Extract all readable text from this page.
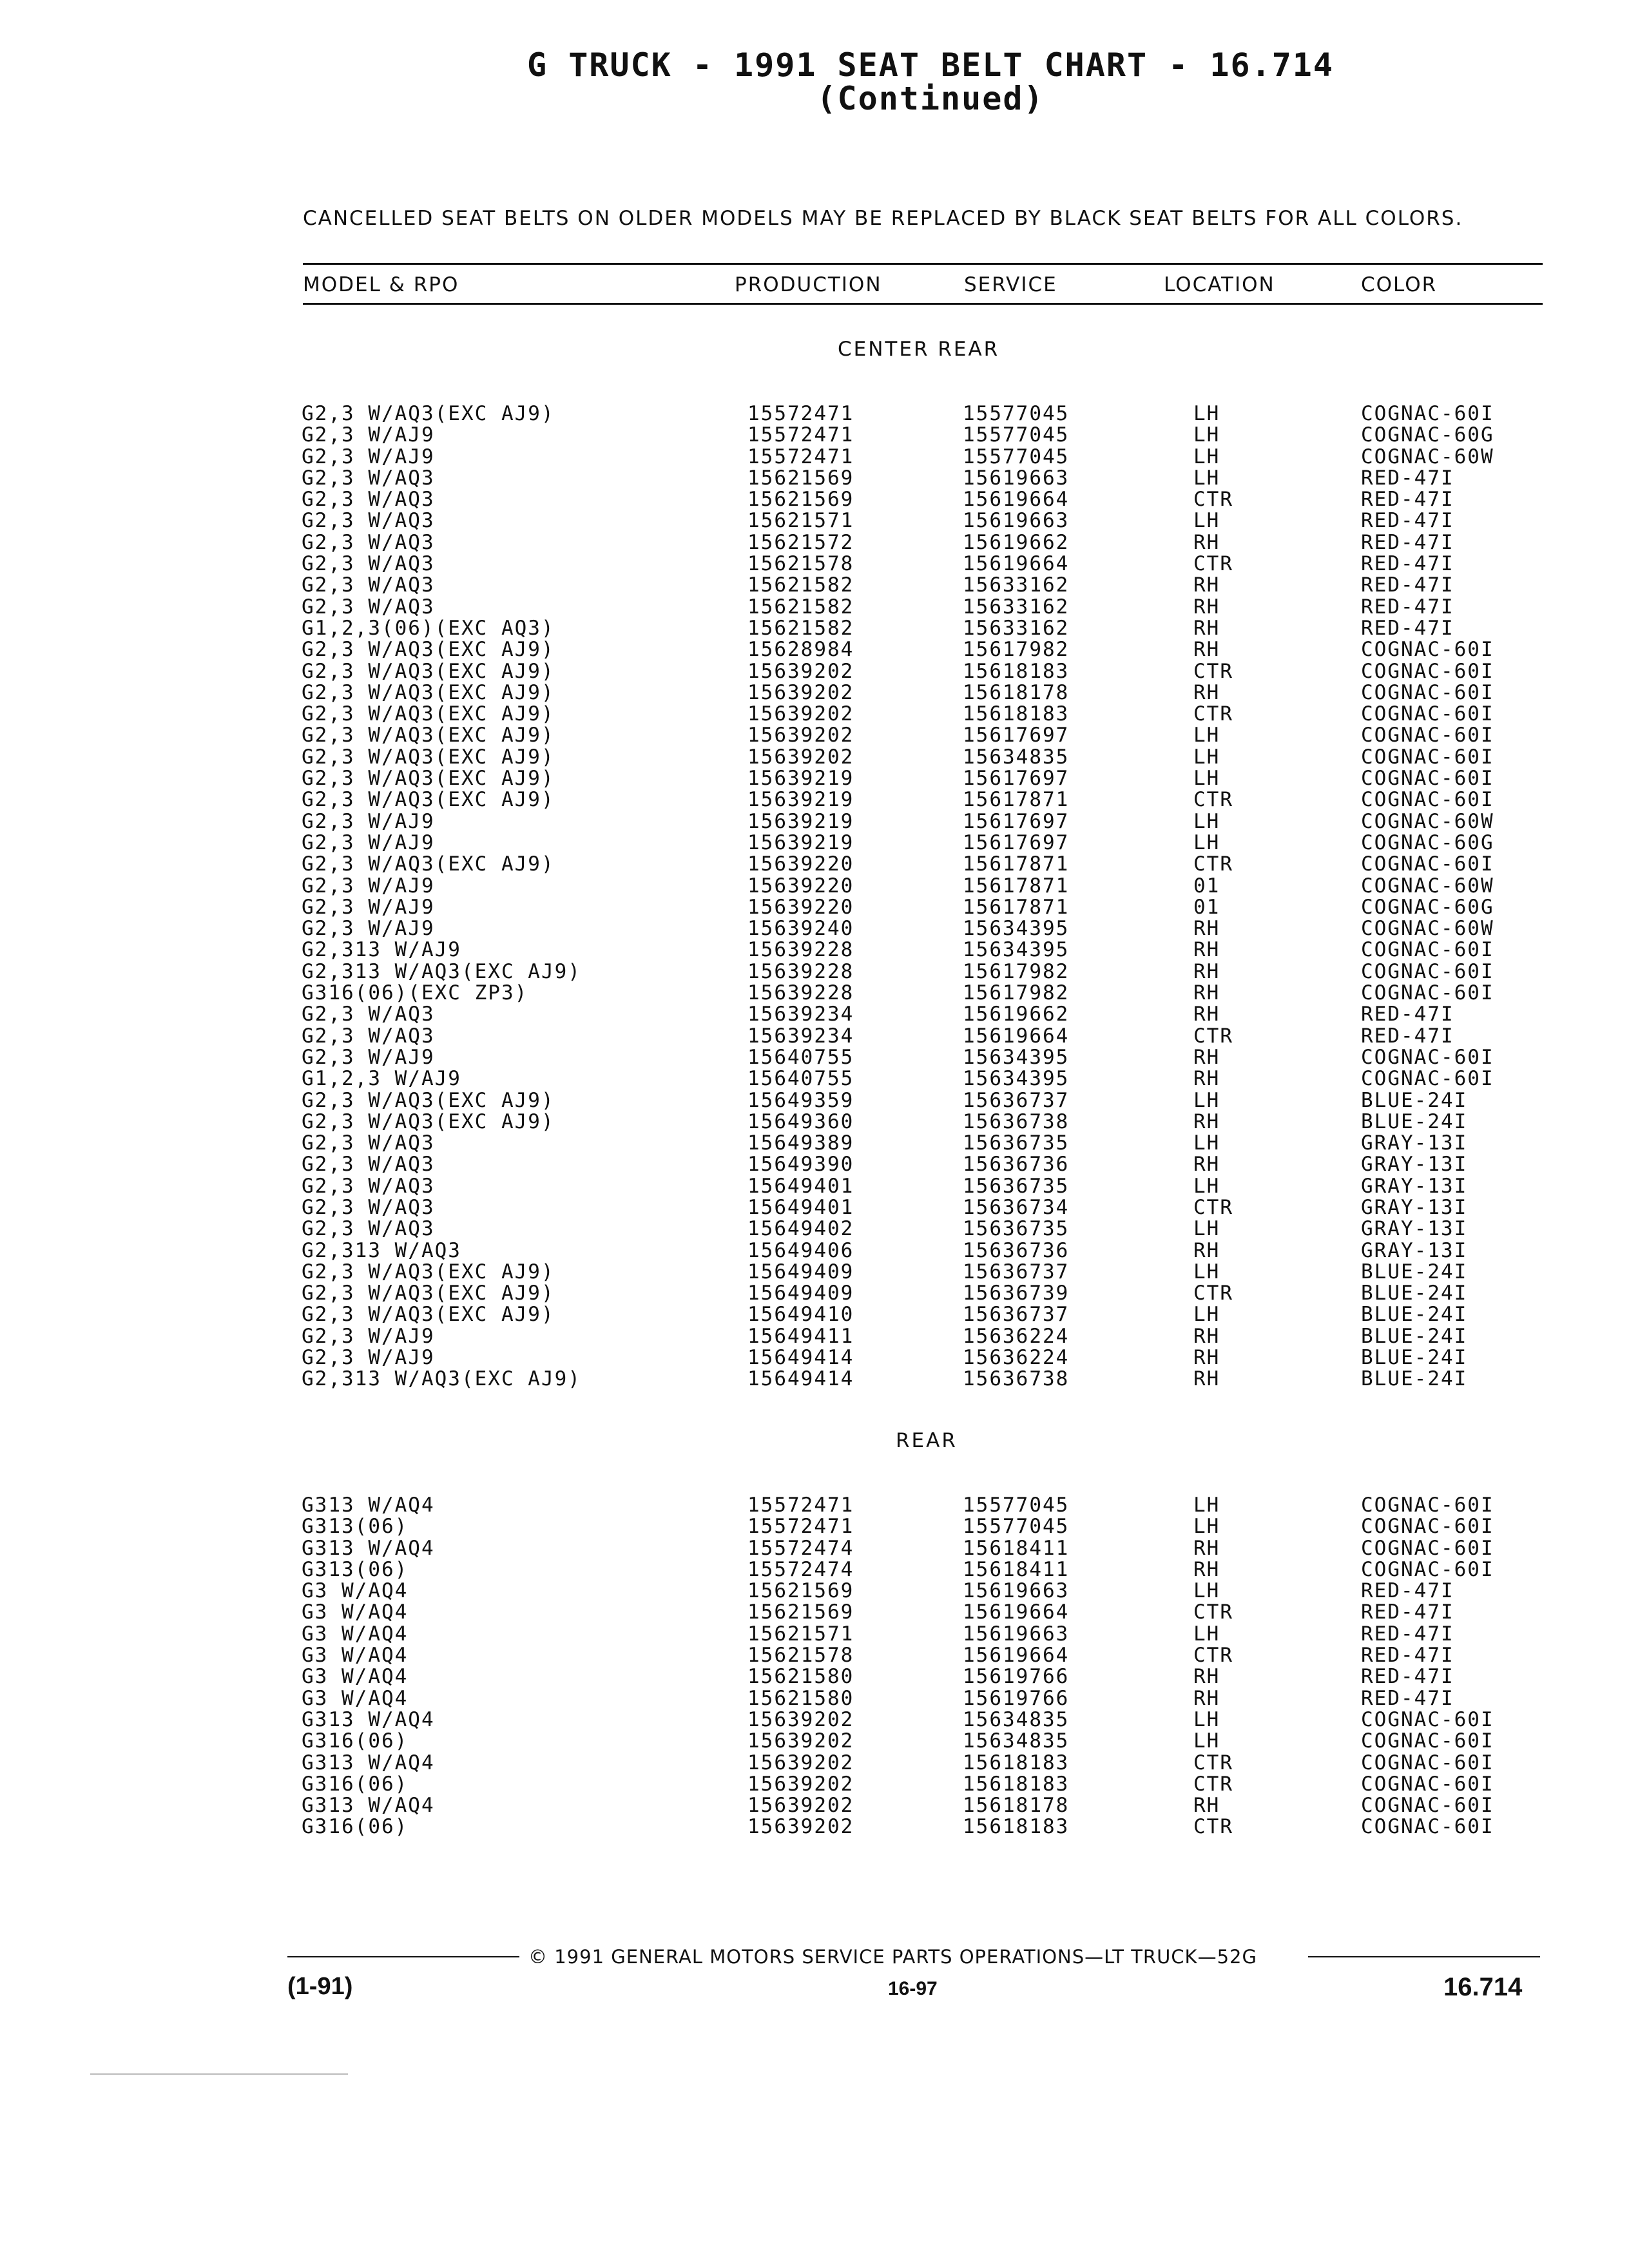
G TRUCK - 1991 SEAT BELT CHART - 16.714
(Continued)
CANCELLED SEAT BELTS ON OLDER MODELS MAY BE REPLACED BY BLACK SEAT BELTS FOR ALL COLORS.
MODEL & RPO	PRODUCTION	SERVICE	LOCATION	COLOR
CENTER REAR
G2,3 W/AQ3(EXC AJ9)	15572471	15577045	LH	COGNAC-60I
G2,3 W/AJ9	15572471	15577045	LH	COGNAC-60G
G2,3 W/AJ9	15572471	15577045	LH	COGNAC-60W
G2,3 W/AQ3	15621569	15619663	LH	RED-47I
G2,3 W/AQ3	15621569	15619664	CTR	RED-47I
G2,3 W/AQ3	15621571	15619663	LH	RED-47I
G2,3 W/AQ3	15621572	15619662	RH	RED-47I
G2,3 W/AQ3	15621578	15619664	CTR	RED-47I
G2,3 W/AQ3	15621582	15633162	RH	RED-47I
G2,3 W/AQ3	15621582	15633162	RH	RED-47I
G1,2,3(06)(EXC AQ3)	15621582	15633162	RH	RED-47I
G2,3 W/AQ3(EXC AJ9)	15628984	15617982	RH	COGNAC-60I
G2,3 W/AQ3(EXC AJ9)	15639202	15618183	CTR	COGNAC-60I
G2,3 W/AQ3(EXC AJ9)	15639202	15618178	RH	COGNAC-60I
G2,3 W/AQ3(EXC AJ9)	15639202	15618183	CTR	COGNAC-60I
G2,3 W/AQ3(EXC AJ9)	15639202	15617697	LH	COGNAC-60I
G2,3 W/AQ3(EXC AJ9)	15639202	15634835	LH	COGNAC-60I
G2,3 W/AQ3(EXC AJ9)	15639219	15617697	LH	COGNAC-60I
G2,3 W/AQ3(EXC AJ9)	15639219	15617871	CTR	COGNAC-60I
G2,3 W/AJ9	15639219	15617697	LH	COGNAC-60W
G2,3 W/AJ9	15639219	15617697	LH	COGNAC-60G
G2,3 W/AQ3(EXC AJ9)	15639220	15617871	CTR	COGNAC-60I
G2,3 W/AJ9	15639220	15617871	01	COGNAC-60W
G2,3 W/AJ9	15639220	15617871	01	COGNAC-60G
G2,3 W/AJ9	15639240	15634395	RH	COGNAC-60W
G2,313 W/AJ9	15639228	15634395	RH	COGNAC-60I
G2,313 W/AQ3(EXC AJ9)	15639228	15617982	RH	COGNAC-60I
G316(06)(EXC ZP3)	15639228	15617982	RH	COGNAC-60I
G2,3 W/AQ3	15639234	15619662	RH	RED-47I
G2,3 W/AQ3	15639234	15619664	CTR	RED-47I
G2,3 W/AJ9	15640755	15634395	RH	COGNAC-60I
G1,2,3 W/AJ9	15640755	15634395	RH	COGNAC-60I
G2,3 W/AQ3(EXC AJ9)	15649359	15636737	LH	BLUE-24I
G2,3 W/AQ3(EXC AJ9)	15649360	15636738	RH	BLUE-24I
G2,3 W/AQ3	15649389	15636735	LH	GRAY-13I
G2,3 W/AQ3	15649390	15636736	RH	GRAY-13I
G2,3 W/AQ3	15649401	15636735	LH	GRAY-13I
G2,3 W/AQ3	15649401	15636734	CTR	GRAY-13I
G2,3 W/AQ3	15649402	15636735	LH	GRAY-13I
G2,313 W/AQ3	15649406	15636736	RH	GRAY-13I
G2,3 W/AQ3(EXC AJ9)	15649409	15636737	LH	BLUE-24I
G2,3 W/AQ3(EXC AJ9)	15649409	15636739	CTR	BLUE-24I
G2,3 W/AQ3(EXC AJ9)	15649410	15636737	LH	BLUE-24I
G2,3 W/AJ9	15649411	15636224	RH	BLUE-24I
G2,3 W/AJ9	15649414	15636224	RH	BLUE-24I
G2,313 W/AQ3(EXC AJ9)	15649414	15636738	RH	BLUE-24I
REAR
G313 W/AQ4	15572471	15577045	LH	COGNAC-60I
G313(06)	15572471	15577045	LH	COGNAC-60I
G313 W/AQ4	15572474	15618411	RH	COGNAC-60I
G313(06)	15572474	15618411	RH	COGNAC-60I
G3 W/AQ4	15621569	15619663	LH	RED-47I
G3 W/AQ4	15621569	15619664	CTR	RED-47I
G3 W/AQ4	15621571	15619663	LH	RED-47I
G3 W/AQ4	15621578	15619664	CTR	RED-47I
G3 W/AQ4	15621580	15619766	RH	RED-47I
G3 W/AQ4	15621580	15619766	RH	RED-47I
G313 W/AQ4	15639202	15634835	LH	COGNAC-60I
G316(06)	15639202	15634835	LH	COGNAC-60I
G313 W/AQ4	15639202	15618183	CTR	COGNAC-60I
G316(06)	15639202	15618183	CTR	COGNAC-60I
G313 W/AQ4	15639202	15618178	RH	COGNAC-60I
G316(06)	15639202	15618183	CTR	COGNAC-60I
© 1991 GENERAL MOTORS SERVICE PARTS OPERATIONS—LT TRUCK—52G
(1-91)	16-97	16.714
